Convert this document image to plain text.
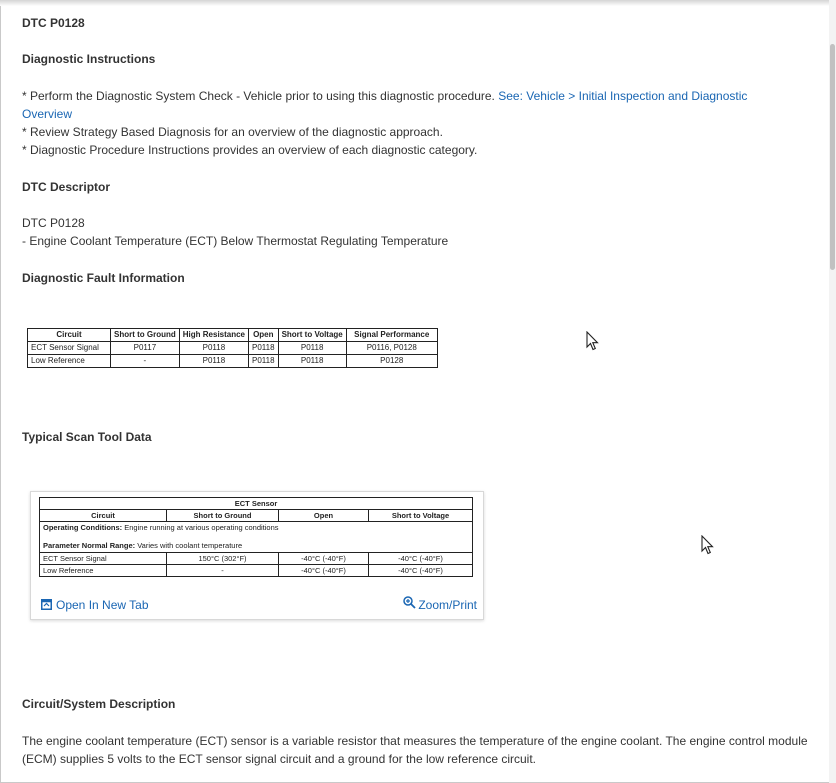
DTC P0128
Diagnostic Instructions

* Perform the Diagnostic System Check - Vehicle prior to using this diagnostic procedure. See: Vehicle > Initial Inspection and Diagnostic
Overview

* Review Strategy Based Diagnosis for an overview of the diagnostic approach.

* Diagnostic Procedure Instructions provides an overview of each diagnostic category.

DTC Descriptor

DTC P0128

- Engine Coolant Temperature (ECT) Below Thermostat Regulating Temperature

Diagnostic Fault Information
Circuit	Short to Ground	High Resistance	Open	Short to Voltage	Signal Performance
ECT Sensor Signal	P0117	P0118	P0118	P0118	P0116, P0128
Low Reference	-	P0118	P0118	P0118	P0128
Typical Scan Tool Data
Circuit/System Description

The engine coolant temperature (ECT) sensor is a variable resistor that measures the temperature of the engine coolant. The engine control module (ECM) supplies 5 volts to the ECT sensor signal circuit and a ground for the low reference circuit.

ECT Sensor			
Circuit	Short to Ground	Open	Short to Voltage
Operating Conditions: Engine running at various operating conditions

Parameter Normal Range: Varies with coolant temperature			
ECT Sensor Signal	150°C (302°F)	-40°C (-40°F)	-40°C (-40°F)
Low Reference	-	-40°C (-40°F)	-40°C (-40°F)
Open In New Tab	Zoom/Print
